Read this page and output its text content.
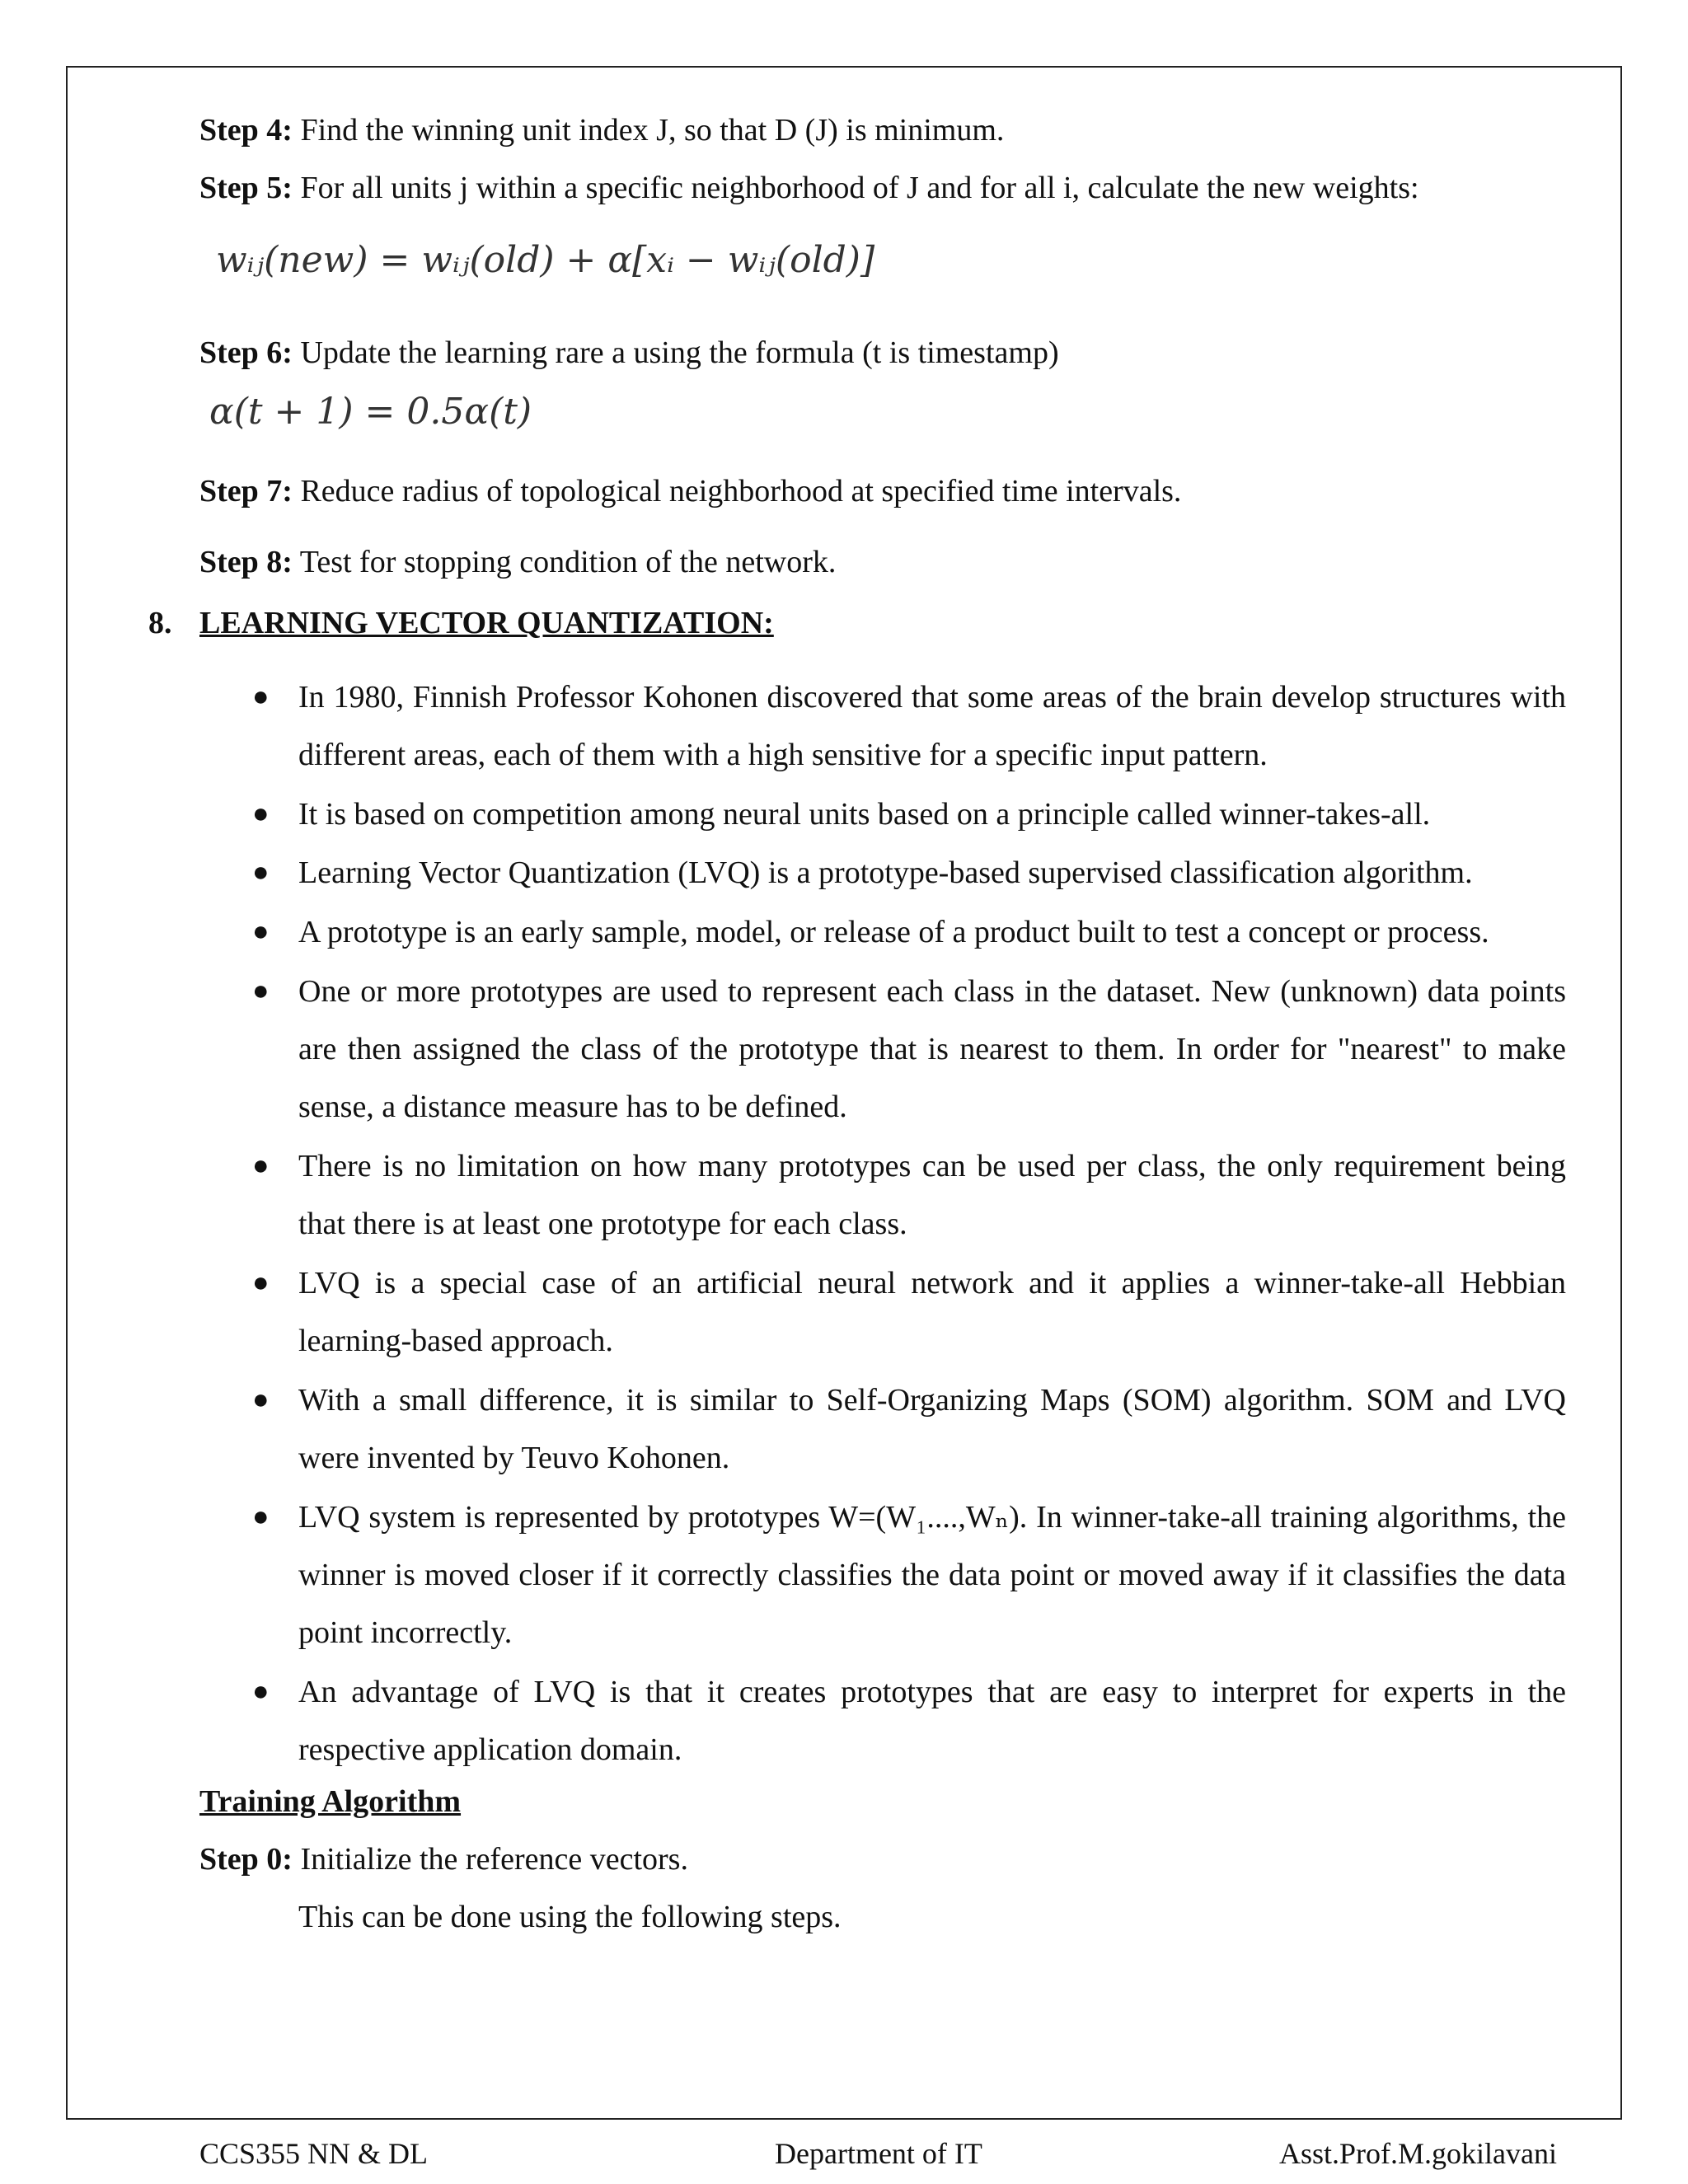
Step 4: Find the winning unit index J, so that D (J) is minimum.
Step 5: For all units j within a specific neighborhood of J and for all i, calculate the new weights:
wᵢⱼ(new) = wᵢⱼ(old) + α[xᵢ − wᵢⱼ(old)]
Step 6: Update the learning rare a using the formula (t is timestamp)
α(t + 1) = 0.5α(t)
Step 7: Reduce radius of topological neighborhood at specified time intervals.
Step 8: Test for stopping condition of the network.
8. LEARNING VECTOR QUANTIZATION:
● In 1980, Finnish Professor Kohonen discovered that some areas of the brain develop structures with different areas, each of them with a high sensitive for a specific input pattern.
● It is based on competition among neural units based on a principle called winner-takes-all.
● Learning Vector Quantization (LVQ) is a prototype-based supervised classification algorithm.
● A prototype is an early sample, model, or release of a product built to test a concept or process.
● One or more prototypes are used to represent each class in the dataset. New (unknown) data points are then assigned the class of the prototype that is nearest to them. In order for "nearest" to make sense, a distance measure has to be defined.
● There is no limitation on how many prototypes can be used per class, the only requirement being that there is at least one prototype for each class.
● LVQ is a special case of an artificial neural network and it applies a winner-take-all Hebbian learning-based approach.
● With a small difference, it is similar to Self-Organizing Maps (SOM) algorithm. SOM and LVQ were invented by Teuvo Kohonen.
● LVQ system is represented by prototypes W=(W₁....,Wₙ). In winner-take-all training algorithms, the winner is moved closer if it correctly classifies the data point or moved away if it classifies the data point incorrectly.
● An advantage of LVQ is that it creates prototypes that are easy to interpret for experts in the respective application domain.
Training Algorithm
Step 0: Initialize the reference vectors.
This can be done using the following steps.
CCS355 NN & DL	Department of IT	Asst.Prof.M.gokilavani
